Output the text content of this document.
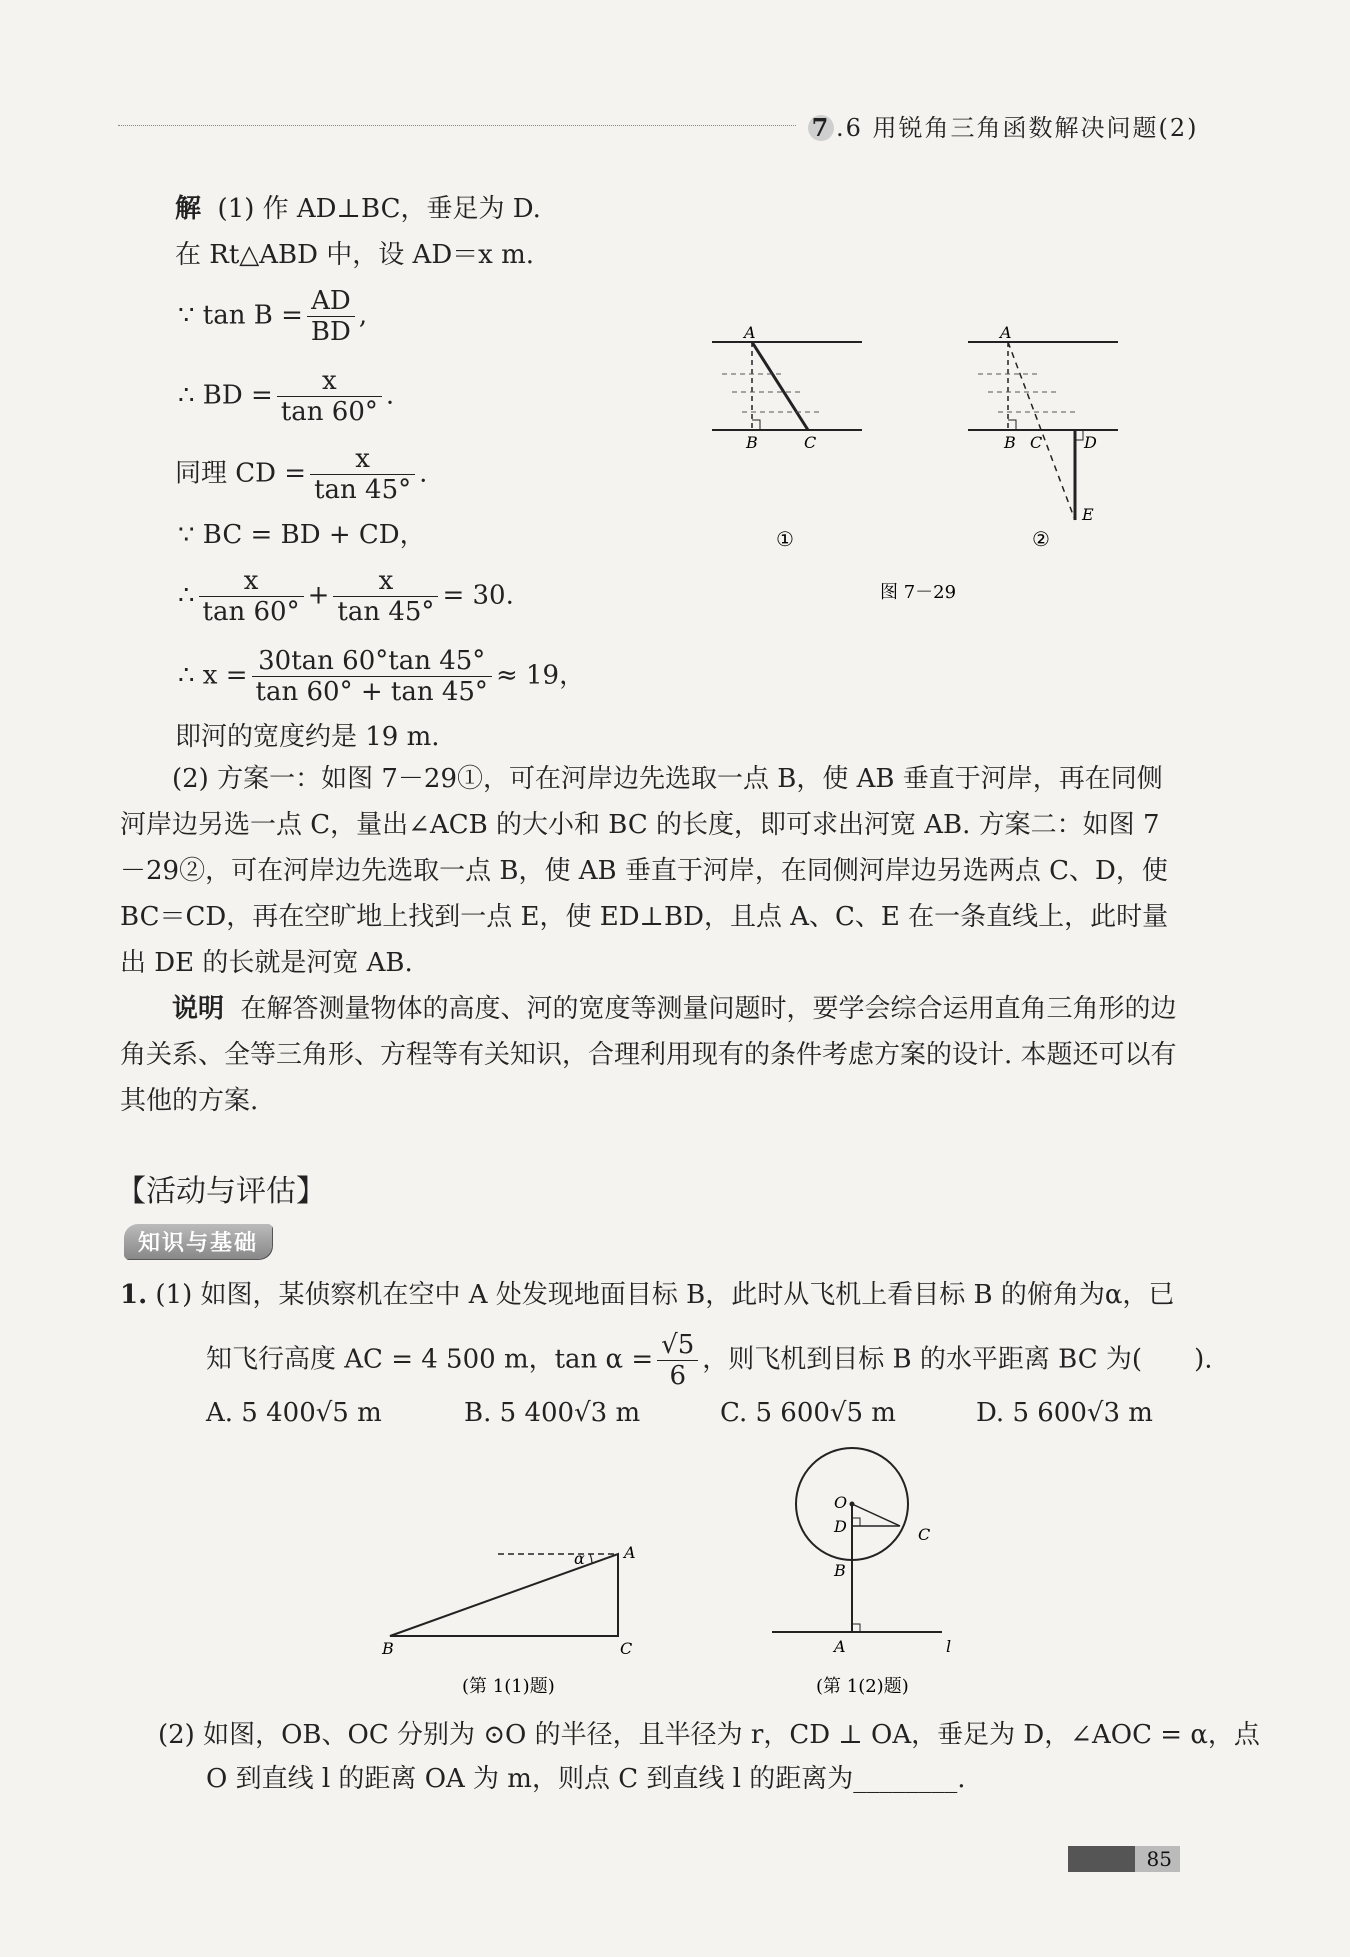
7 .6 用锐角三角函数解决问题(2)
解 (1) 作 AD⊥BC，垂足为 D.
在 Rt△ABD 中，设 AD＝x m.
∵ $\tan B = \frac{AD}{BD}$ ,
∴ BD = $\frac{x}{\tan 60^\circ}$ .
同理 CD = $\frac{x}{\tan 45^\circ}$ .
∵ BC = BD + CD，
∴ $\frac{x}{\tan 60^\circ} + \frac{x}{\tan 45^\circ} = 30$.
∴ $x = \frac{30\tan 60^\circ\tan 45^\circ}{\tan 60^\circ + \tan 45^\circ} \approx 19$，
即河的宽度约是 19 m.
A
B	C
①
A
B C	D
E
②
图 7－29
(2) 方案一：如图 7－29①，可在河岸边先选取一点 B，使 AB 垂直于河岸，再在同侧河岸边另选一点 C，量出∠ACB 的大小和 BC 的长度，即可求出河宽 AB. 方案二：如图 7－29②，可在河岸边先选取一点 B，使 AB 垂直于河岸，在同侧河岸边另选两点 C、D，使 BC＝CD，再在空旷地上找到一点 E，使 ED⊥BD，且点 A、C、E 在一条直线上，此时量出 DE 的长就是河宽 AB.
说明 在解答测量物体的高度、河的宽度等测量问题时，要学会综合运用直角三角形的边角关系、全等三角形、方程等有关知识，合理利用现有的条件考虑方案的设计. 本题还可以有其他的方案.
【活动与评估】
知识与基础
1. (1) 如图，某侦察机在空中 A 处发现地面目标 B，此时从飞机上看目标 B 的俯角为α，已
知飞行高度 AC = 4 500 m，$\tan \alpha = \frac{√5}{6}$ ，则飞机到目标 B 的水平距离 BC 为(　　).
A. 5 400√5 m	B. 5 400√3 m	C. 5 600√5 m	D. 5 600√3 m
A
B	C
α
(第 1(1)题)
O
D	C
B
A	l
(第 1(2)题)
(2) 如图，OB、OC 分别为 ⊙O 的半径，且半径为 r，CD ⊥ OA，垂足为 D，∠AOC = α，点
O 到直线 l 的距离 OA 为 m，则点 C 到直线 l 的距离为________.
85
